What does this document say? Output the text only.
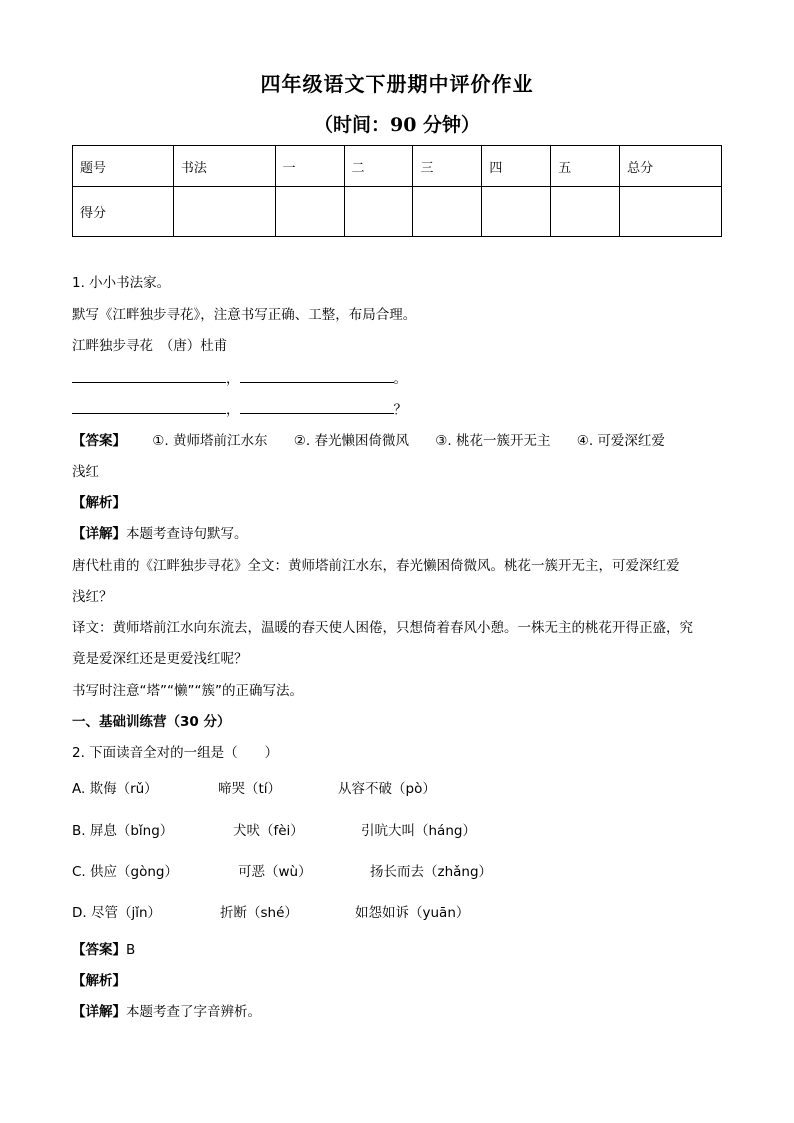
四年级语文下册期中评价作业
（时间：90 分钟）
题号	书法	一	二	三	四	五	总分
得分							
1. 小小书法家。
默写《江畔独步寻花》，注意书写正确、工整，布局合理。
江畔独步寻花　（唐）杜甫
，	。
，	？
【答案】 ①. 黄师塔前江水东 ②. 春光懒困倚微风 ③. 桃花一簇开无主 ④. 可爱深红爱
浅红
【解析】
【详解】本题考查诗句默写。
唐代杜甫的《江畔独步寻花》全文：黄师塔前江水东，春光懒困倚微风。桃花一簇开无主，可爱深红爱
浅红？
译文：黄师塔前江水向东流去，温暖的春天使人困倦，只想倚着春风小憩。一株无主的桃花开得正盛，究
竟是爱深红还是更爱浅红呢？
书写时注意“塔”“懒”“簇”的正确写法。
一、基础训练营（30 分）
2. 下面读音全对的一组是（　　）
A. 欺侮（rǔ）	啼哭（tí）	从容不破（pò）
B. 屏息（bǐng）	犬吠（fèi）	引吭大叫（háng）
C. 供应（gòng）	可恶（wù）	扬长而去（zhǎng）
D. 尽管（jǐn）	折断（shé）	如怨如诉（yuān）
【答案】B
【解析】
【详解】本题考查了字音辨析。
